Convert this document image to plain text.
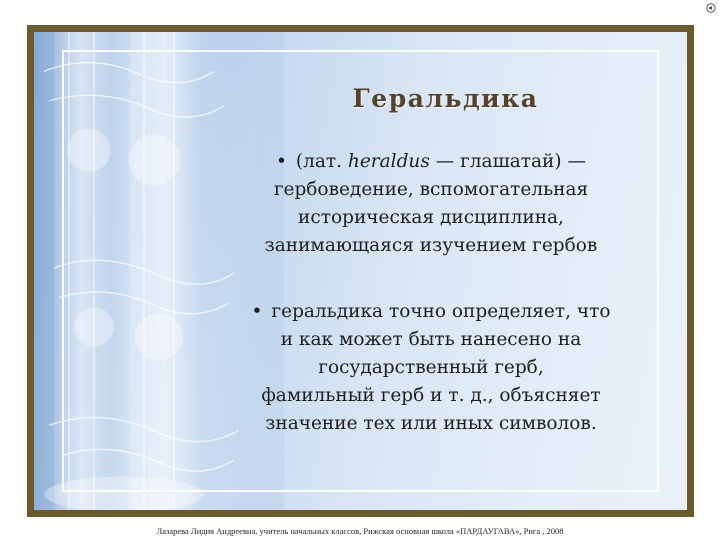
Геральдика
• (лат. heraldus — глашатай) —
гербоведение, вспомогательная
историческая дисциплина,
занимающаяся изучением гербов
• геральдика точно определяет, что
и как может быть нанесено на
государственный герб,
фамильный герб и т. д., объясняет
значение тех или иных символов.
Лазарева Лидия Андреевна, учитель начальных классов, Рижская основная школа «ПАРДАУГАВА», Рига , 2008
